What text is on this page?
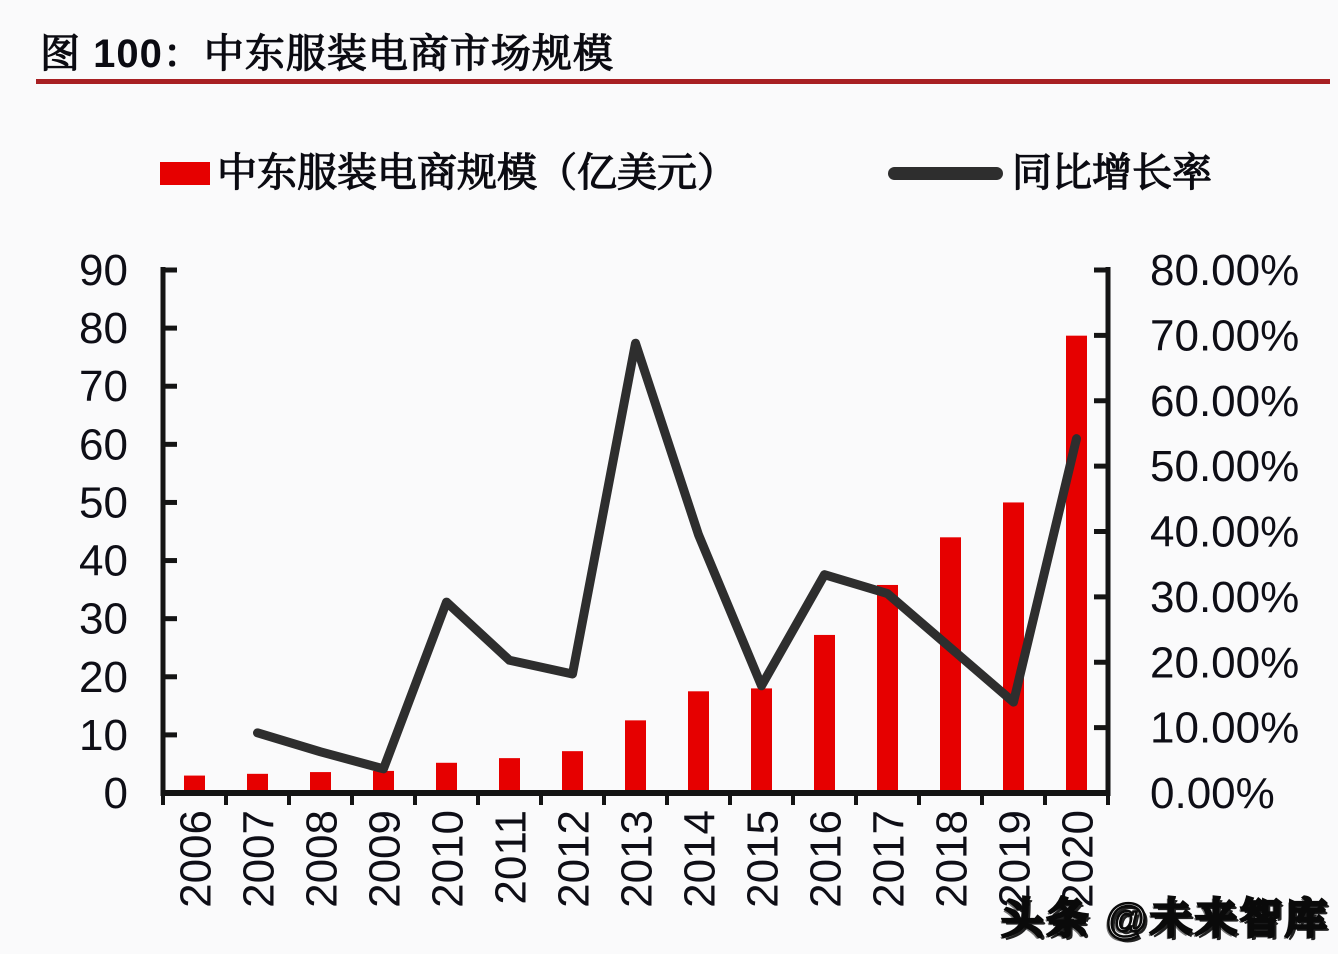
图 100：中东服装电商市场规模
中东服装电商规模（亿美元）	同比增长率
0
10
20
30
40
50
60
70
80
90
0.00%
10.00%
20.00%
30.00%
40.00%
50.00%
60.00%
70.00%
80.00%
2006 2007 2008 2009 2010 2011 2012 2013 2014 2015 2016 2017 2018 2019 2020
头条 @未来智库
